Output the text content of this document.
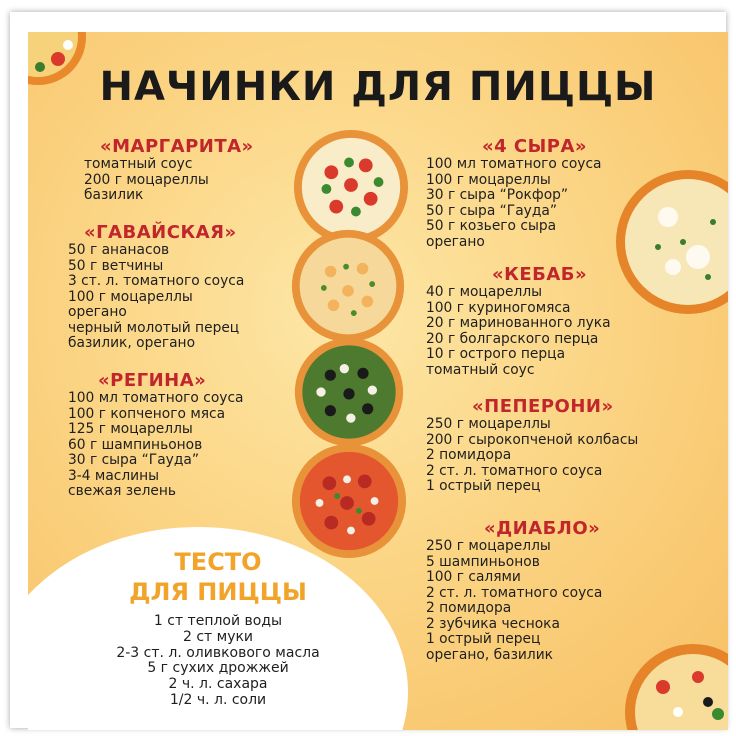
НАЧИНКИ ДЛЯ ПИЦЦЫ
«МАРГАРИТА»
томатный соус
200 г моцареллы
базилик
«ГАВАЙСКАЯ»
50 г ананасов
50 г ветчины
3 ст. л. томатного соуса
100 г моцареллы
орегано
черный молотый перец
базилик, орегано
«РЕГИНА»
100 мл томатного соуса
100 г копченого мяса
125 г моцареллы
60 г шампиньонов
30 г сыра “Гауда”
3-4 маслины
свежая зелень
«4 СЫРА»
100 мл томатного соуса
100 г моцареллы
30 г сыра “Рокфор”
50 г сыра “Гауда”
50 г козьего сыра
орегано
«КЕБАБ»
40 г моцареллы
100 г куриногомяса
20 г маринованного лука
20 г болгарского перца
10 г острого перца
томатный соус
«ПЕПЕРОНИ»
250 г моцареллы
200 г сырокопченой колбасы
2 помидора
2 ст. л. томатного соуса
1 острый перец
«ДИАБЛО»
250 г моцареллы
5 шампиньонов
100 г салями
2 ст. л. томатного соуса
2 помидора
2 зубчика чеснока
1 острый перец
орегано, базилик
ТЕСТО
ДЛЯ ПИЦЦЫ
1 ст теплой воды
2 ст муки
2-3 ст. л. оливкового масла
5 г сухих дрожжей
2 ч. л. сахара
1/2 ч. л. соли
